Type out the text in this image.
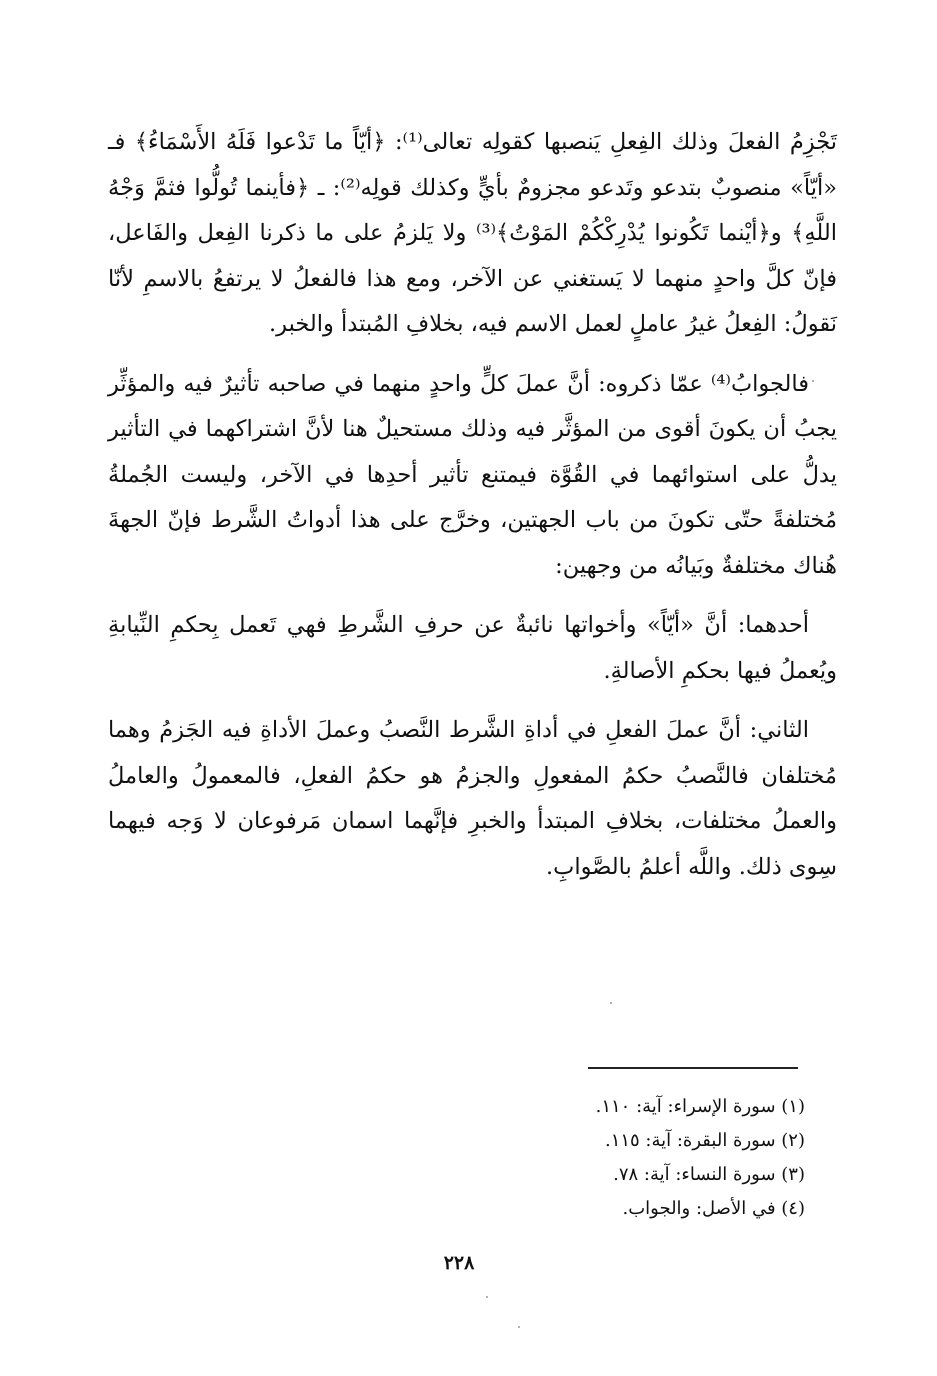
تَجْزِمُ الفعلَ وذلك الفِعلِ يَنصبها كقولِه تعالى⁽¹⁾: ﴿أيّاً ما تَدْعوا فَلَهُ الأَسْمَاءُ﴾ فـ «أيّاً» منصوبٌ بتدعو وتَدعو مجزومٌ بأيٍّ وكذلك قولِه⁽²⁾: ـ ﴿فأينما تُولُّوا فثمَّ وَجْهُ اللَّهِ﴾ و﴿أيْنما تَكُونوا يُدْرِكْكُمْ المَوْتُ﴾⁽³⁾ ولا يَلزمُ على ما ذكرنا الفِعل والفَاعل، فإنّ كلَّ واحدٍ منهما لا يَستغني عن الآخر، ومع هذا فالفعلُ لا يرتفعُ بالاسمِ لأنّا نَقولُ: الفِعلُ غيرُ عاملٍ لعمل الاسم فيه، بخلافِ المُبتدأ والخبر.

فالجوابُ⁽⁴⁾ عمّا ذكروه: أنَّ عملَ كلٍّ واحدٍ منهما في صاحبه تأثيرٌ فيه والمؤثِّر يجبُ أن يكونَ أقوى من المؤثَّر فيه وذلك مستحيلٌ هنا لأنَّ اشتراكهما في التأثير يدلُّ على استوائهما في القُوَّة فيمتنع تأثير أحدِها في الآخر، وليست الجُملةُ مُختلفةً حتّى تكونَ من باب الجهتين، وخرَّج على هذا أدواتُ الشَّرط فإنّ الجهةَ هُناك مختلفةٌ وبَيانُه من وجهين:

أحدهما: أنَّ «أيّاً» وأخواتها نائبةٌ عن حرفِ الشَّرطِ فهي تَعمل بِحكمِ النِّيابةِ ويُعملُ فيها بحكمِ الأصالةِ.

الثاني: أنَّ عملَ الفعلِ في أداةِ الشَّرط النَّصبُ وعملَ الأداةِ فيه الجَزمُ وهما مُختلفان فالنَّصبُ حكمُ المفعولِ والجزمُ هو حكمُ الفعلِ، فالمعمولُ والعاملُ والعملُ مختلفات، بخلافِ المبتدأ والخبرِ فإنَّهما اسمان مَرفوعان لا وَجه فيهما سِوى ذلك. واللَّه أعلمُ بالصَّوابِ.

(١) سورة الإسراء: آية: ١١٠.
(٢) سورة البقرة: آية: ١١٥.
(٣) سورة النساء: آية: ٧٨.
(٤) في الأصل: والجواب.
٢٢٨
